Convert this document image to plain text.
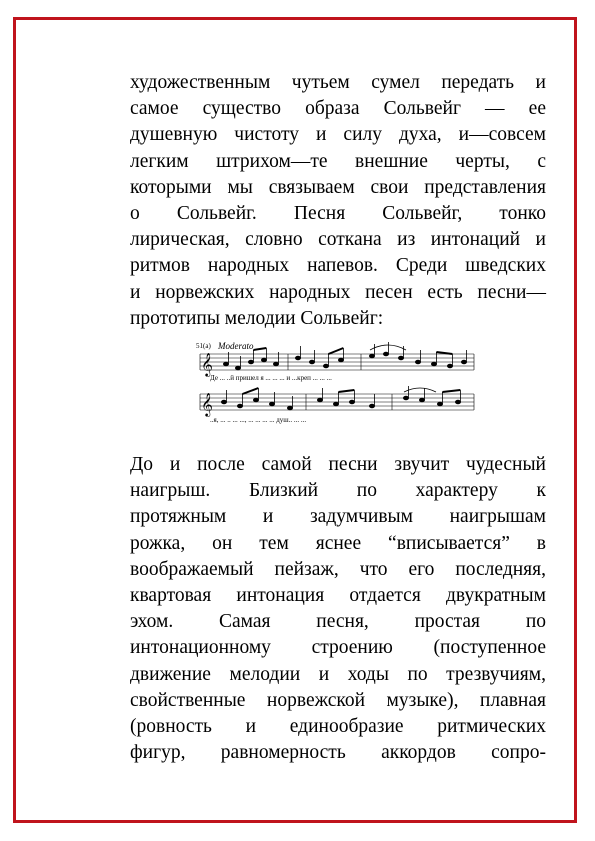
художественным чутьем сумел передать и
самое существо образа Сольвейг — ее
душевную чистоту и силу духа, и—совсем
легким штрихом—те внешние черты, с
которыми мы связываем свои представления
о Сольвейг. Песня Сольвейг, тонко
лирическая, словно соткана из интонаций и
ритмов народных напевов. Среди шведских
и норвежских народных песен есть песни—
прототипы мелодии Сольвейг:
51(а) Moderato
𝄞
Де ... ..й пришел я ... ... ... и ...креп ... ... ...
𝄞
..я, ... .. ... ..., ... ... ... ... душ.. ... ...
До и после самой песни звучит чудесный
наигрыш. Близкий по характеру к
протяжным и задумчивым наигрышам
рожка, он тем яснее “вписывается” в
воображаемый пейзаж, что его последняя,
квартовая интонация отдается двукратным
эхом. Самая песня, простая по
интонационному строению (поступенное
движение мелодии и ходы по трезвучиям,
свойственные норвежской музыке), плавная
(ровность и единообразие ритмических
фигур, равномерность аккордов сопро-
